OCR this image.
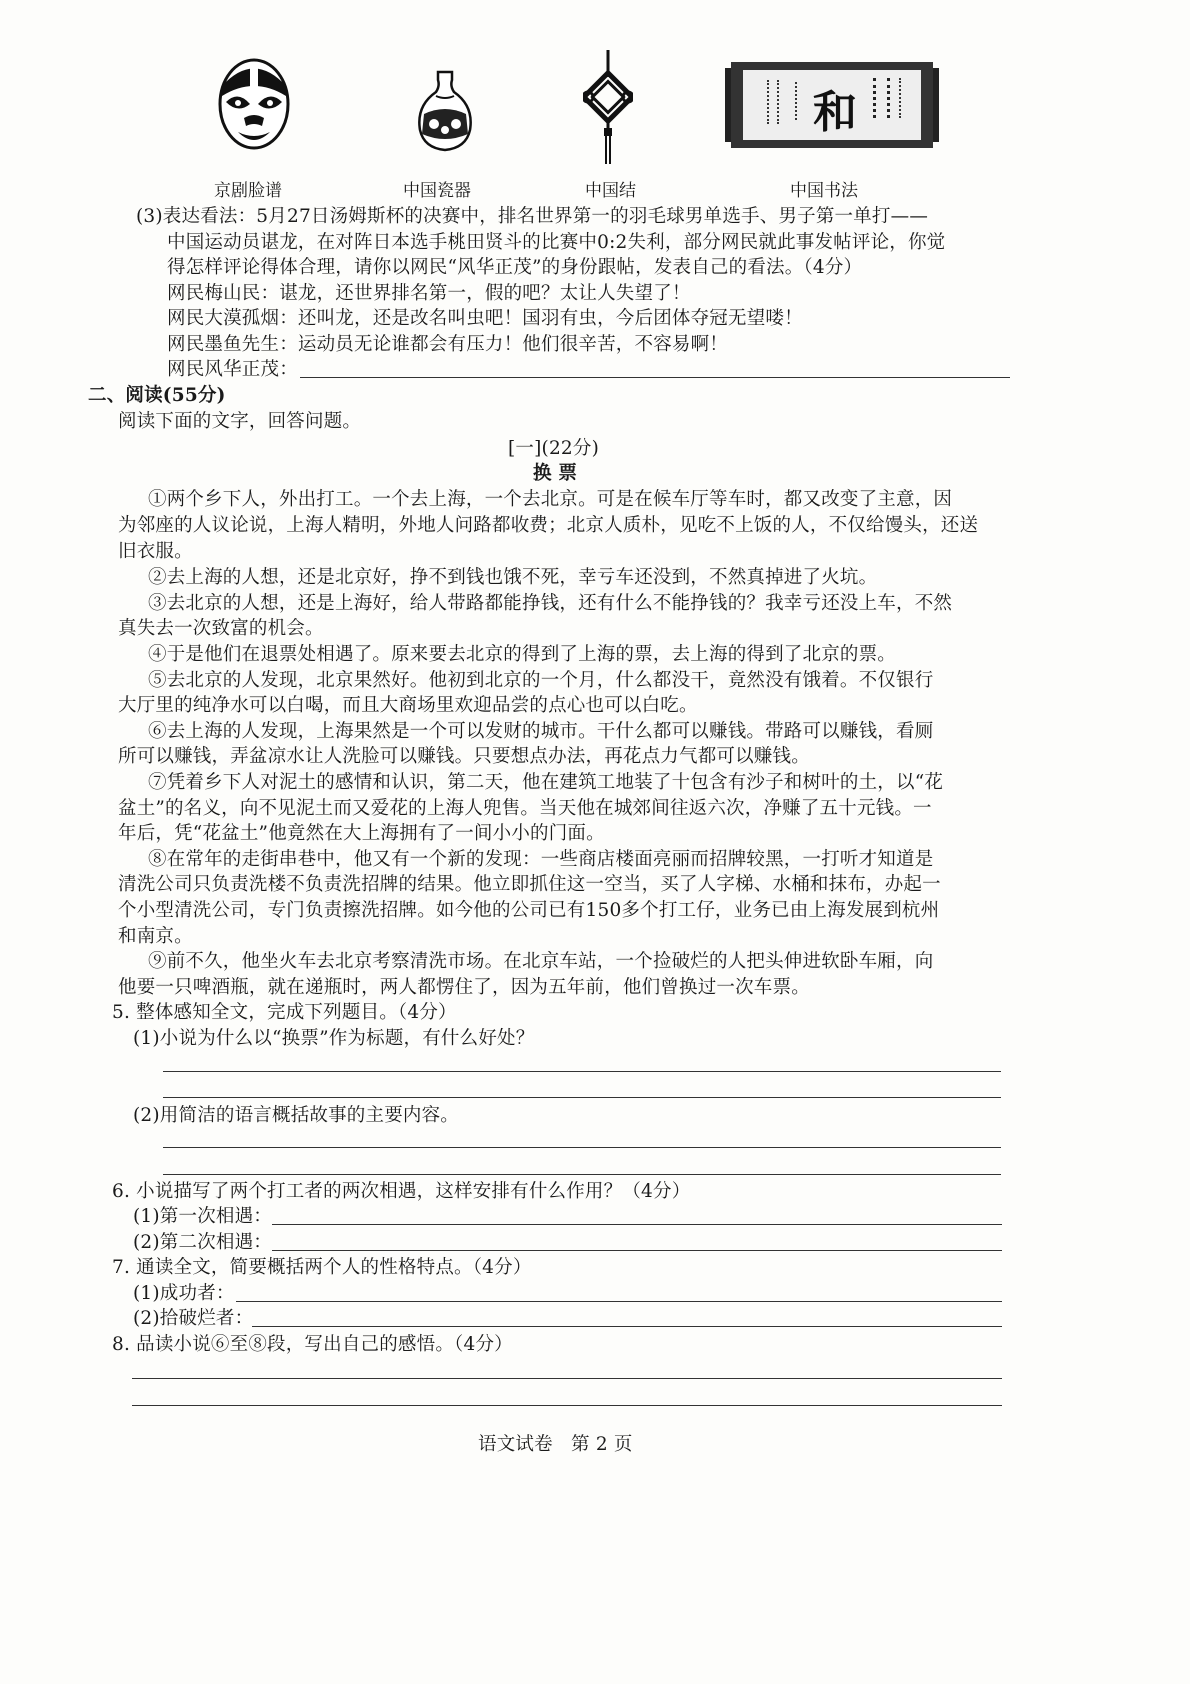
京剧脸谱	中国瓷器	中国结
和
中国书法
(3)表达看法：5月27日汤姆斯杯的决赛中，排名世界第一的羽毛球男单选手、男子第一单打——
中国运动员谌龙，在对阵日本选手桃田贤斗的比赛中0:2失利，部分网民就此事发帖评论，你觉
得怎样评论得体合理，请你以网民“风华正茂”的身份跟帖，发表自己的看法。（4分）
网民梅山民：谌龙，还世界排名第一，假的吧？太让人失望了！
网民大漠孤烟：还叫龙，还是改名叫虫吧！国羽有虫，今后团体夺冠无望喽！
网民墨鱼先生：运动员无论谁都会有压力！他们很辛苦，不容易啊！
网民风华正茂：
二、阅读(55分)
阅读下面的文字，回答问题。
[一](22分)
换 票
①两个乡下人，外出打工。一个去上海，一个去北京。可是在候车厅等车时，都又改变了主意，因
为邻座的人议论说，上海人精明，外地人问路都收费；北京人质朴，见吃不上饭的人，不仅给馒头，还送
旧衣服。
②去上海的人想，还是北京好，挣不到钱也饿不死，幸亏车还没到，不然真掉进了火坑。
③去北京的人想，还是上海好，给人带路都能挣钱，还有什么不能挣钱的？我幸亏还没上车，不然
真失去一次致富的机会。
④于是他们在退票处相遇了。原来要去北京的得到了上海的票，去上海的得到了北京的票。
⑤去北京的人发现，北京果然好。他初到北京的一个月，什么都没干，竟然没有饿着。不仅银行
大厅里的纯净水可以白喝，而且大商场里欢迎品尝的点心也可以白吃。
⑥去上海的人发现，上海果然是一个可以发财的城市。干什么都可以赚钱。带路可以赚钱，看厕
所可以赚钱，弄盆凉水让人洗脸可以赚钱。只要想点办法，再花点力气都可以赚钱。
⑦凭着乡下人对泥土的感情和认识，第二天，他在建筑工地装了十包含有沙子和树叶的土，以“花
盆土”的名义，向不见泥土而又爱花的上海人兜售。当天他在城郊间往返六次，净赚了五十元钱。一
年后，凭“花盆土”他竟然在大上海拥有了一间小小的门面。
⑧在常年的走街串巷中，他又有一个新的发现：一些商店楼面亮丽而招牌较黑，一打听才知道是
清洗公司只负责洗楼不负责洗招牌的结果。他立即抓住这一空当，买了人字梯、水桶和抹布，办起一
个小型清洗公司，专门负责擦洗招牌。如今他的公司已有150多个打工仔，业务已由上海发展到杭州
和南京。
⑨前不久，他坐火车去北京考察清洗市场。在北京车站，一个捡破烂的人把头伸进软卧车厢，向
他要一只啤酒瓶，就在递瓶时，两人都愣住了，因为五年前，他们曾换过一次车票。
5. 整体感知全文，完成下列题目。（4分）
(1)小说为什么以“换票”作为标题，有什么好处？
(2)用简洁的语言概括故事的主要内容。
6. 小说描写了两个打工者的两次相遇，这样安排有什么作用？（4分）
(1)第一次相遇：
(2)第二次相遇：
7. 通读全文，简要概括两个人的性格特点。（4分）
(1)成功者：
(2)拾破烂者：
8. 品读小说⑥至⑧段，写出自己的感悟。（4分）
语文试卷   第 2 页
